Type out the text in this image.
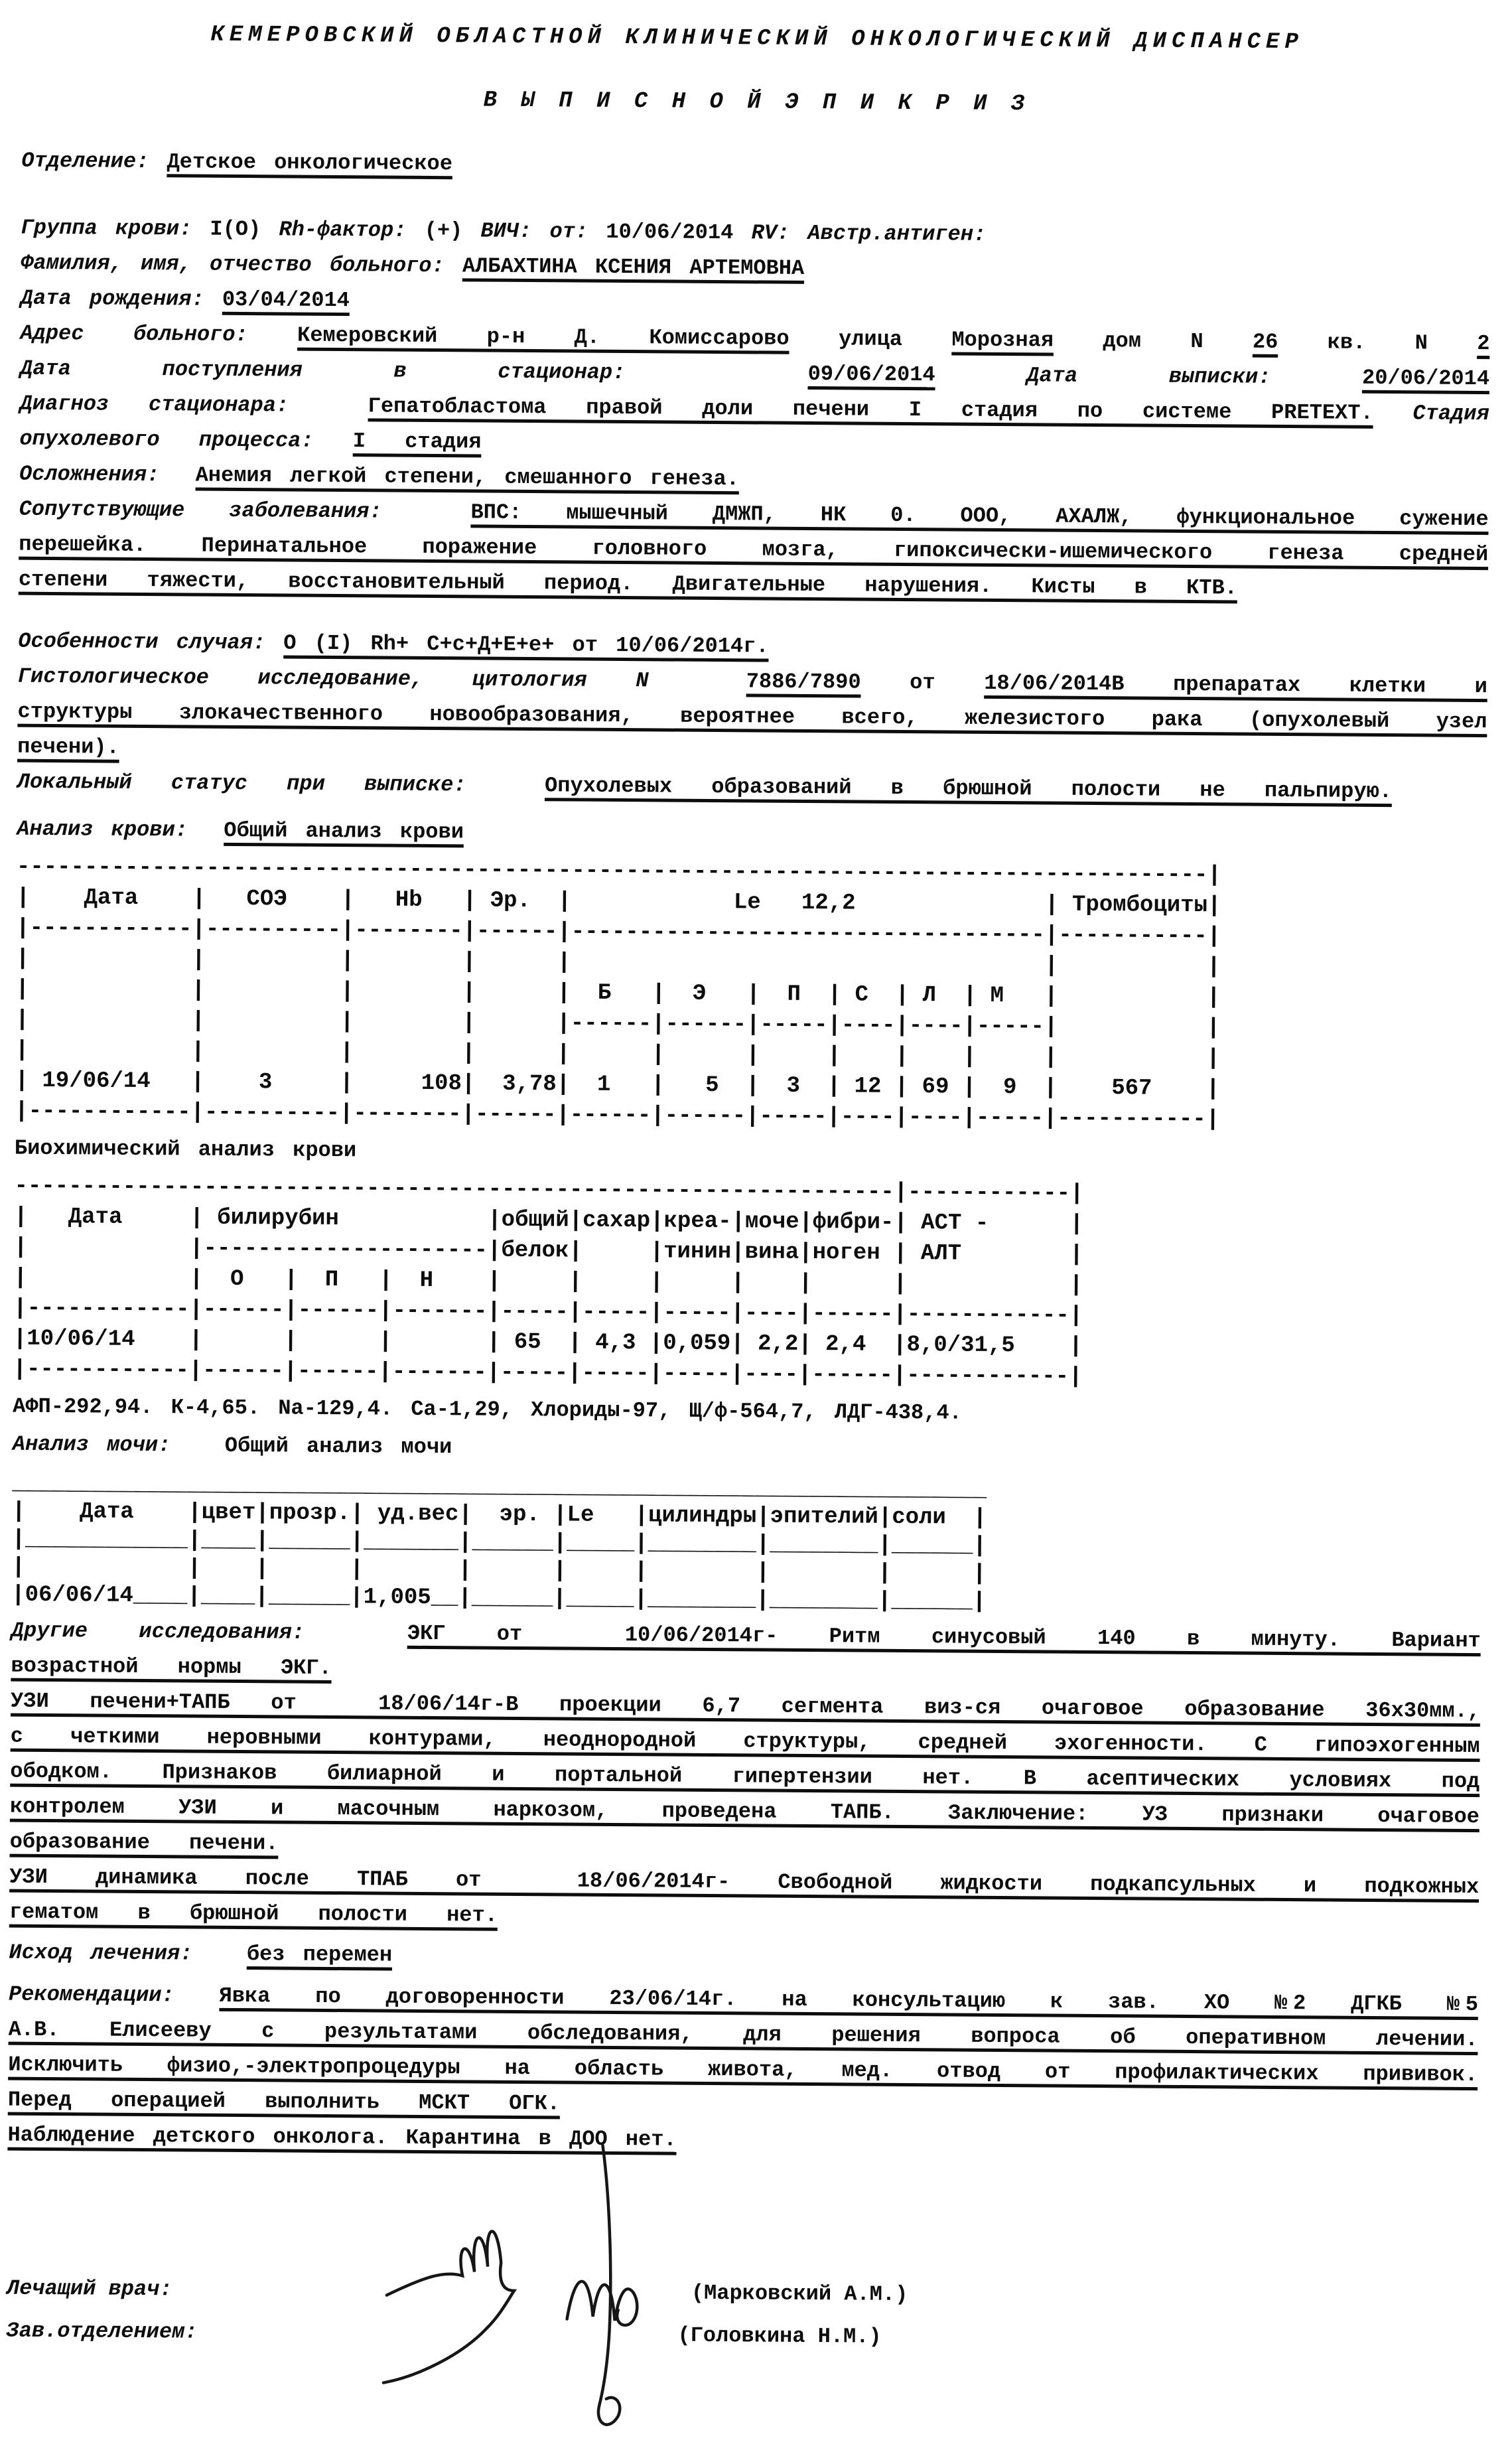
КЕМЕРОВСКИЙ ОБЛАСТНОЙ КЛИНИЧЕСКИЙ ОНКОЛОГИЧЕСКИЙ ДИСПАНСЕР
В Ы П И С Н О Й Э П И К Р И З

Отделение: Детское онкологическое

Группа крови: I(O) Rh-фактор: (+) ВИЧ: от: 10/06/2014 RV: Австр.антиген:

Фамилия, имя, отчество больного: АЛБАХТИНА КСЕНИЯ АРТЕМОВНА

Дата рождения: 03/04/2014

Адрес больного: Кемеровский р-н Д. Комиссарово улица Морозная дом N 26 кв. N 2

Дата поступления в стационар:  09/06/2014 Дата выписки: 20/06/2014

Диагноз стационара:  Гепатобластома правой доли печени I стадия по системе PRETEXT. Стадия опухолевого процесса: I стадия

Осложнения:  Анемия легкой степени, смешанного генеза.

Сопутствующие заболевания:  ВПС: мышечный ДМЖП, НК 0. ООО, АХАЛЖ, функциональное сужение перешейка. Перинатальное поражение головного мозга, гипоксически-ишемического генеза средней степени тяжести, восстановительный период. Двигательные нарушения. Кисты в КТВ.

Особенности случая: O (I) Rh+ C+c+Д+E+e+ от 10/06/2014г.

Гистологическое исследование, цитология N  7886/7890 от 18/06/2014В препаратах клетки и структуры злокачественного новообразования, вероятнее всего, железистого рака (опухолевый узел печени).

Локальный статус при выписке:  Опухолевых образований в брюшной полости не пальпирую.

Анализ крови:  Общий анализ крови

----------------------------------------------------------------------------------------|
|    Дата    |   СОЭ    |   Hb   | Эр.  |            Le   12,2              | Тромбоциты|
|------------|----------|--------|------|-----------------------------------|-----------|
|            |          |        |      |                                   |           |
|            |          |        |      |  Б   |  Э   |  П  | С  | Л  | М   |           |
|            |          |        |      |------|------|-----|----|----|-----|           |
|            |          |        |      |      |      |     |    |    |     |           |
| 19/06/14   |    3     |     108|  3,78|  1   |   5  |  3  | 12 | 69 |  9  |    567    |
|------------|----------|--------|------|------|------|-----|----|----|-----|-----------|

Биохимический анализ крови

-----------------------------------------------------------------|------------|
|   Дата     | билирубин           |общий|сахар|креа-|моче|фибри-| АСТ -      |
|            |---------------------|белок|     |тинин|вина|ноген | АЛТ        |
|            |  О   |  П   |  Н    |     |     |     |    |      |            |
|------------|------|------|-------|-----|-----|-----|----|------|------------|
|10/06/14    |      |      |       | 65  | 4,3 |0,059| 2,2| 2,4  |8,0/31,5    |
|------------|------|------|-------|-----|-----|-----|----|------|------------|

АФП-292,94. К-4,65. Na-129,4. Ca-1,29, Хлориды-97, Щ/ф-564,7, ЛДГ-438,4.

Анализ мочи:   Общий анализ мочи

________________________________________________________________________
|    Дата    |цвет|прозр.| уд.вес|  эр. |Le   |цилиндры|эпителий|соли  |
|____________|____|______|_______|______|_____|________|________|______|
|            |    |      |       |      |     |        |        |      |
|06/06/14____|____|______|1,005__|______|_____|________|________|______|

Другие исследования:  ЭКГ от  10/06/2014г- Ритм синусовый 140 в минуту. Вариант возрастной нормы ЭКГ.

УЗИ печени+ТАПБ от  18/06/14г-В проекции 6,7 сегмента виз-ся очаговое образование 36х30мм., с четкими неровными контурами, неоднородной структуры, средней эхогенности. С гипоэхогенным ободком. Признаков билиарной и портальной гипертензии нет. В асептических условиях под контролем УЗИ и масочным наркозом, проведена ТАПБ. Заключение: УЗ признаки очаговое образование печени.

УЗИ динамика после ТПАБ от  18/06/2014г- Свободной жидкости подкапсульных и подкожных гематом в брюшной полости нет.

Исход лечения:   без перемен

Рекомендации: Явка по договоренности 23/06/14г. на консультацию к зав. ХО №2 ДГКБ №5 А.В. Елисееву с результатами обследования, для решения вопроса об оперативном лечении. Исключить физио,-электропроцедуры на область живота, мед. отвод от профилактических прививок. Перед операцией выполнить МСКТ ОГК.

Наблюдение детского онколога. Карантина в ДОО нет.

Лечащий врач:	(Марковский А.М.)
Зав.отделением:	(Головкина Н.М.)
